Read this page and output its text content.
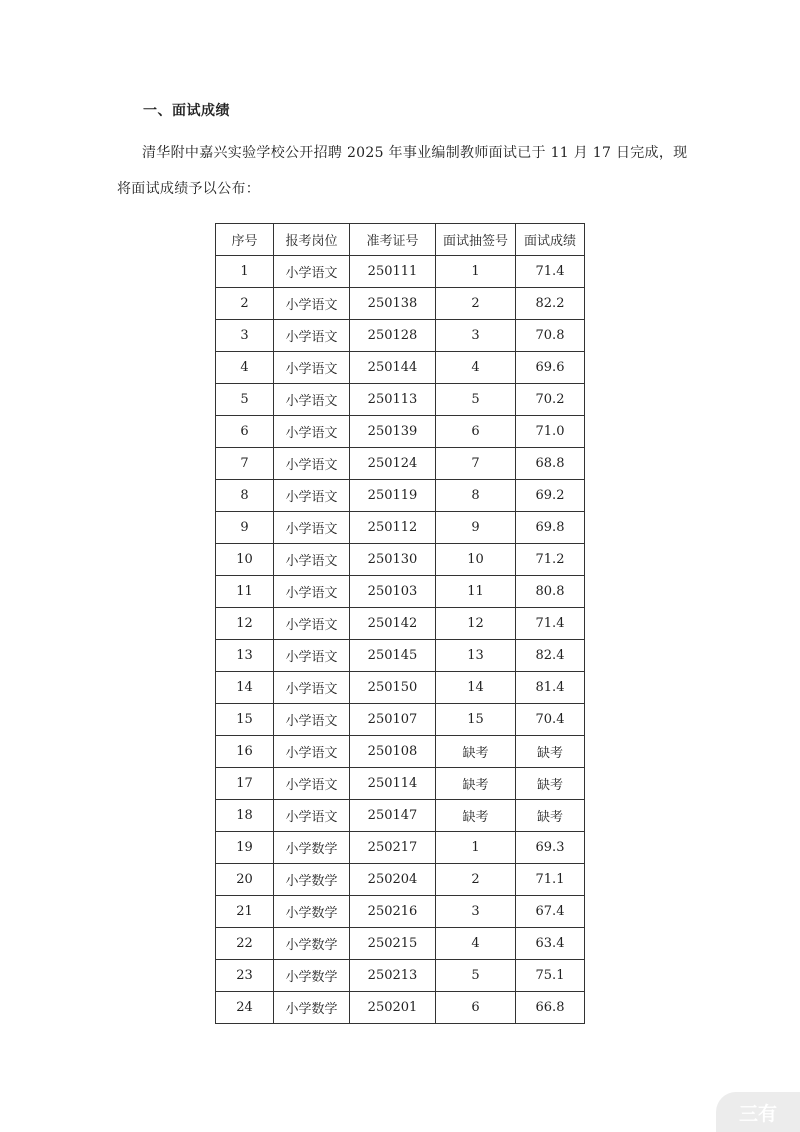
一、面试成绩
清华附中嘉兴实验学校公开招聘 2025 年事业编制教师面试已于 11 月 17 日完成，现将面试成绩予以公布：
序号	报考岗位	准考证号	面试抽签号	面试成绩
1	小学语文	250111	1	71.4
2	小学语文	250138	2	82.2
3	小学语文	250128	3	70.8
4	小学语文	250144	4	69.6
5	小学语文	250113	5	70.2
6	小学语文	250139	6	71.0
7	小学语文	250124	7	68.8
8	小学语文	250119	8	69.2
9	小学语文	250112	9	69.8
10	小学语文	250130	10	71.2
11	小学语文	250103	11	80.8
12	小学语文	250142	12	71.4
13	小学语文	250145	13	82.4
14	小学语文	250150	14	81.4
15	小学语文	250107	15	70.4
16	小学语文	250108	缺考	缺考
17	小学语文	250114	缺考	缺考
18	小学语文	250147	缺考	缺考
19	小学数学	250217	1	69.3
20	小学数学	250204	2	71.1
21	小学数学	250216	3	67.4
22	小学数学	250215	4	63.4
23	小学数学	250213	5	75.1
24	小学数学	250201	6	66.8
三有
